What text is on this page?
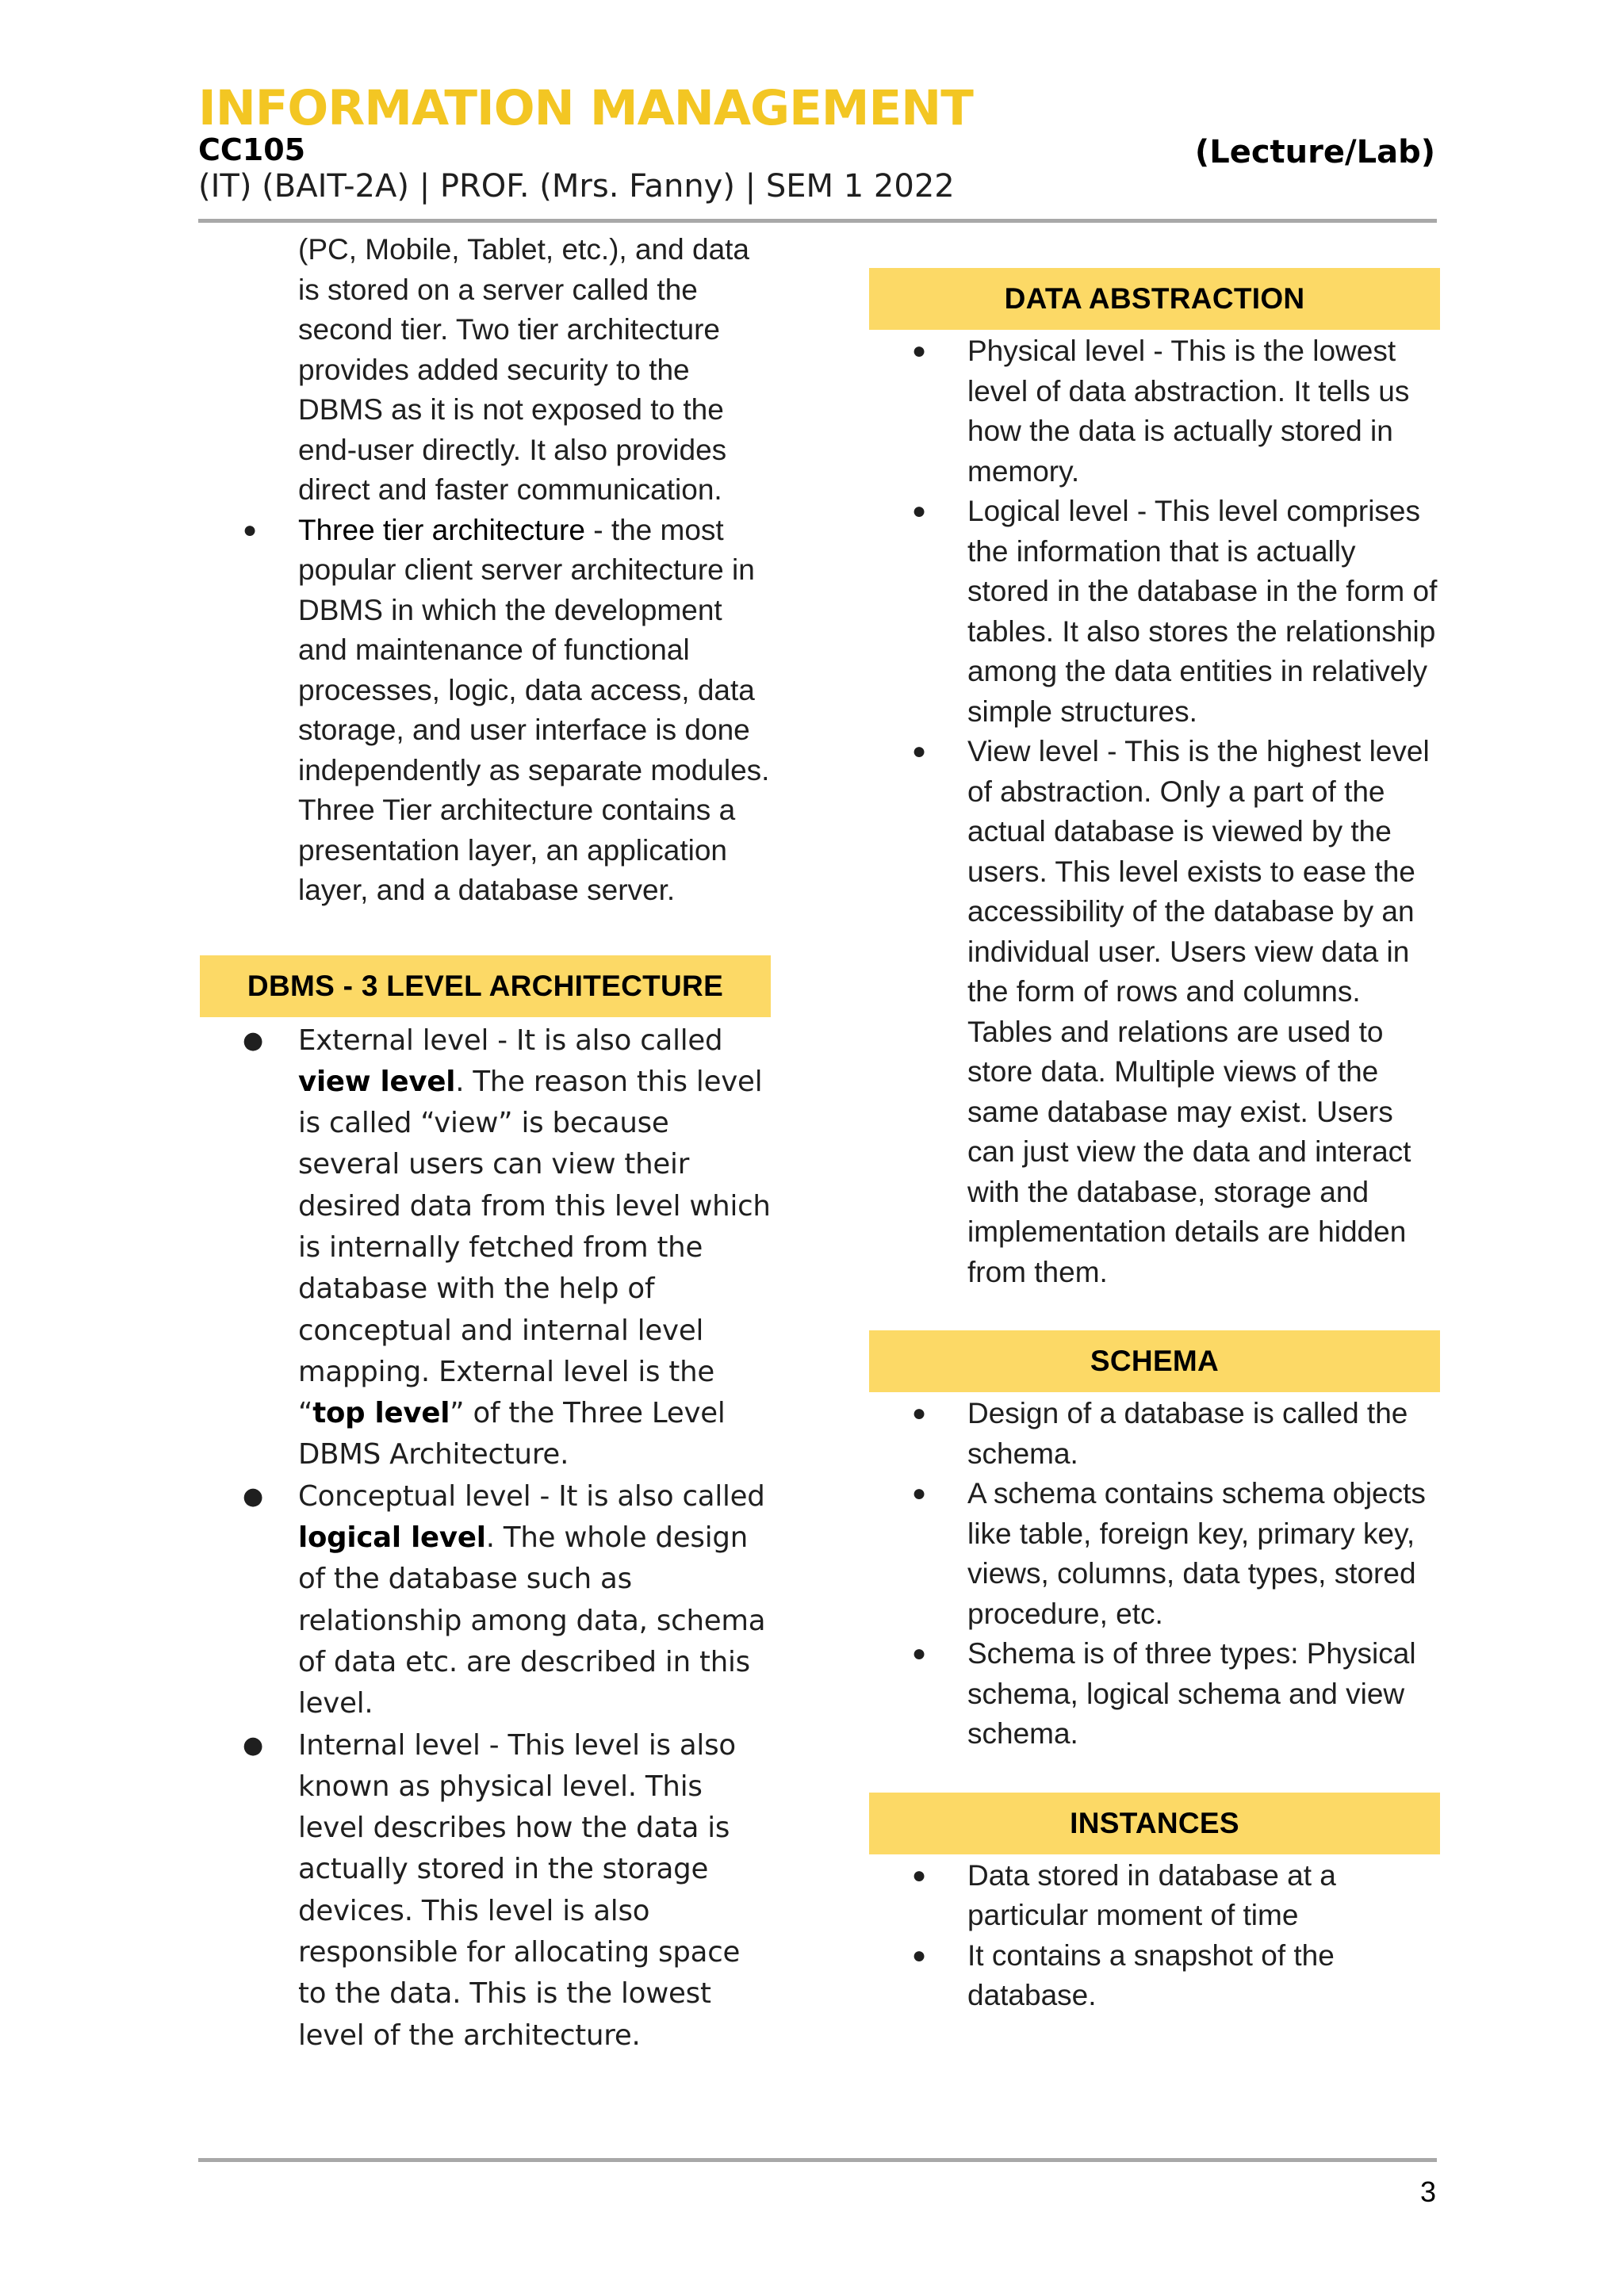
INFORMATION MANAGEMENT
CC105	(Lecture/Lab)
(IT) (BAIT-2A) | PROF. (Mrs. Fanny) | SEM 1 2022
(PC, Mobile, Tablet, etc.), and data is stored on a server called the second tier. Two tier architecture provides added security to the DBMS as it is not exposed to the end-user directly. It also provides direct and faster communication.
● Three tier architecture - the most popular client server architecture in DBMS in which the development and maintenance of functional processes, logic, data access, data storage, and user interface is done independently as separate modules. Three Tier architecture contains a presentation layer, an application layer, and a database server.
DBMS - 3 LEVEL ARCHITECTURE
● External level - It is also called view level. The reason this level is called “view” is because several users can view their desired data from this level which is internally fetched from the database with the help of conceptual and internal level mapping. External level is the “top level” of the Three Level DBMS Architecture.
● Conceptual level - It is also called logical level. The whole design of the database such as relationship among data, schema of data etc. are described in this level.
● Internal level - This level is also known as physical level. This level describes how the data is actually stored in the storage devices. This level is also responsible for allocating space to the data. This is the lowest level of the architecture.
DATA ABSTRACTION
● Physical level - This is the lowest level of data abstraction. It tells us how the data is actually stored in memory.
● Logical level - This level comprises the information that is actually stored in the database in the form of tables. It also stores the relationship among the data entities in relatively simple structures.
● View level - This is the highest level of abstraction. Only a part of the actual database is viewed by the users. This level exists to ease the accessibility of the database by an individual user. Users view data in the form of rows and columns. Tables and relations are used to store data. Multiple views of the same database may exist. Users can just view the data and interact with the database, storage and implementation details are hidden from them.
SCHEMA
● Design of a database is called the schema.
● A schema contains schema objects like table, foreign key, primary key, views, columns, data types, stored procedure, etc.
● Schema is of three types: Physical schema, logical schema and view schema.
INSTANCES
● Data stored in database at a particular moment of time
● It contains a snapshot of the database.
3
